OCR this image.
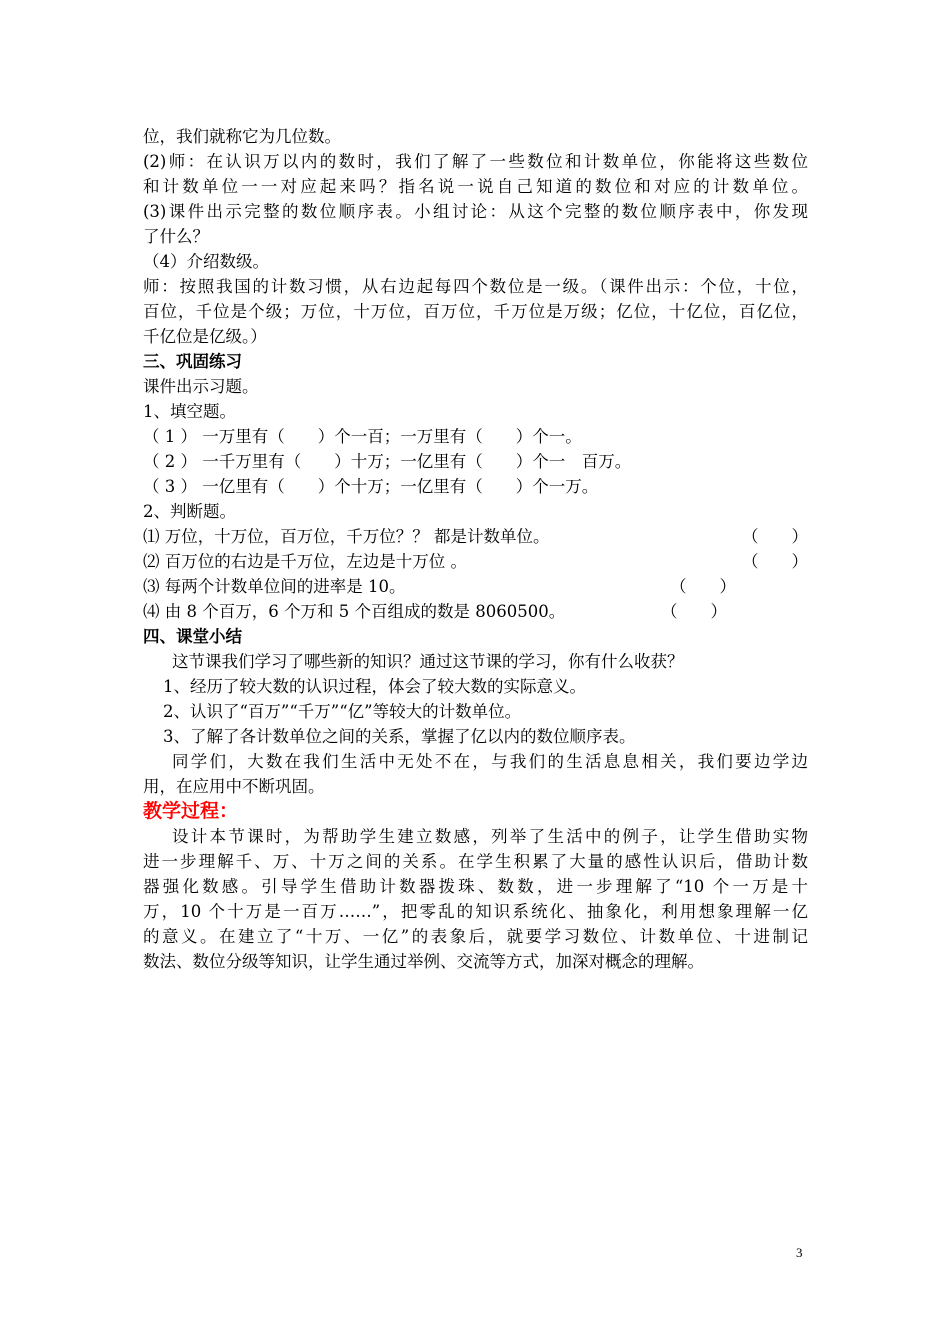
位，我们就称它为几位数。
(2)师：在认识万以内的数时，我们了解了一些数位和计数单位，你能将这些数位
和计数单位一一对应起来吗？指名说一说自己知道的数位和对应的计数单位。
(3)课件出示完整的数位顺序表。小组讨论：从这个完整的数位顺序表中，你发现
了什么？
（4）介绍数级。
师：按照我国的计数习惯，从右边起每四个数位是一级。（课件出示：个位，十位，
百位，千位是个级；万位，十万位，百万位，千万位是万级；亿位，十亿位，百亿位，
千亿位是亿级。）
三、巩固练习
课件出示习题。
1、填空题。
（ 1 ） 一万里有（　　）个一百；一万里有（　　）个一。
（ 2 ） 一千万里有（　　）十万；一亿里有（　　）个一　百万。
（ 3 ） 一亿里有（　　）个十万；一亿里有（　　）个一万。
2、判断题。
⑴ 万位，十万位，百万位，千万位？？ 都是计数单位。	（　　）
⑵ 百万位的右边是千万位，左边是十万位 。	（　　）
⑶ 每两个计数单位间的进率是 10。	（　　）
⑷ 由 8 个百万，6 个万和 5 个百组成的数是 8060500。	（　　）
四、课堂小结
这节课我们学习了哪些新的知识？通过这节课的学习，你有什么收获？
1、经历了较大数的认识过程，体会了较大数的实际意义。
2、认识了“百万”“千万”“亿”等较大的计数单位。
3、了解了各计数单位之间的关系，掌握了亿以内的数位顺序表。
同学们，大数在我们生活中无处不在，与我们的生活息息相关，我们要边学边
用，在应用中不断巩固。
教学过程：
设计本节课时，为帮助学生建立数感，列举了生活中的例子，让学生借助实物
进一步理解千、万、十万之间的关系。在学生积累了大量的感性认识后，借助计数
器强化数感。引导学生借助计数器拨珠、数数，进一步理解了“10 个一万是十
万，10 个十万是一百万……”，把零乱的知识系统化、抽象化，利用想象理解一亿
的意义。在建立了“十万、一亿”的表象后，就要学习数位、计数单位、十进制记
数法、数位分级等知识，让学生通过举例、交流等方式，加深对概念的理解。
3
